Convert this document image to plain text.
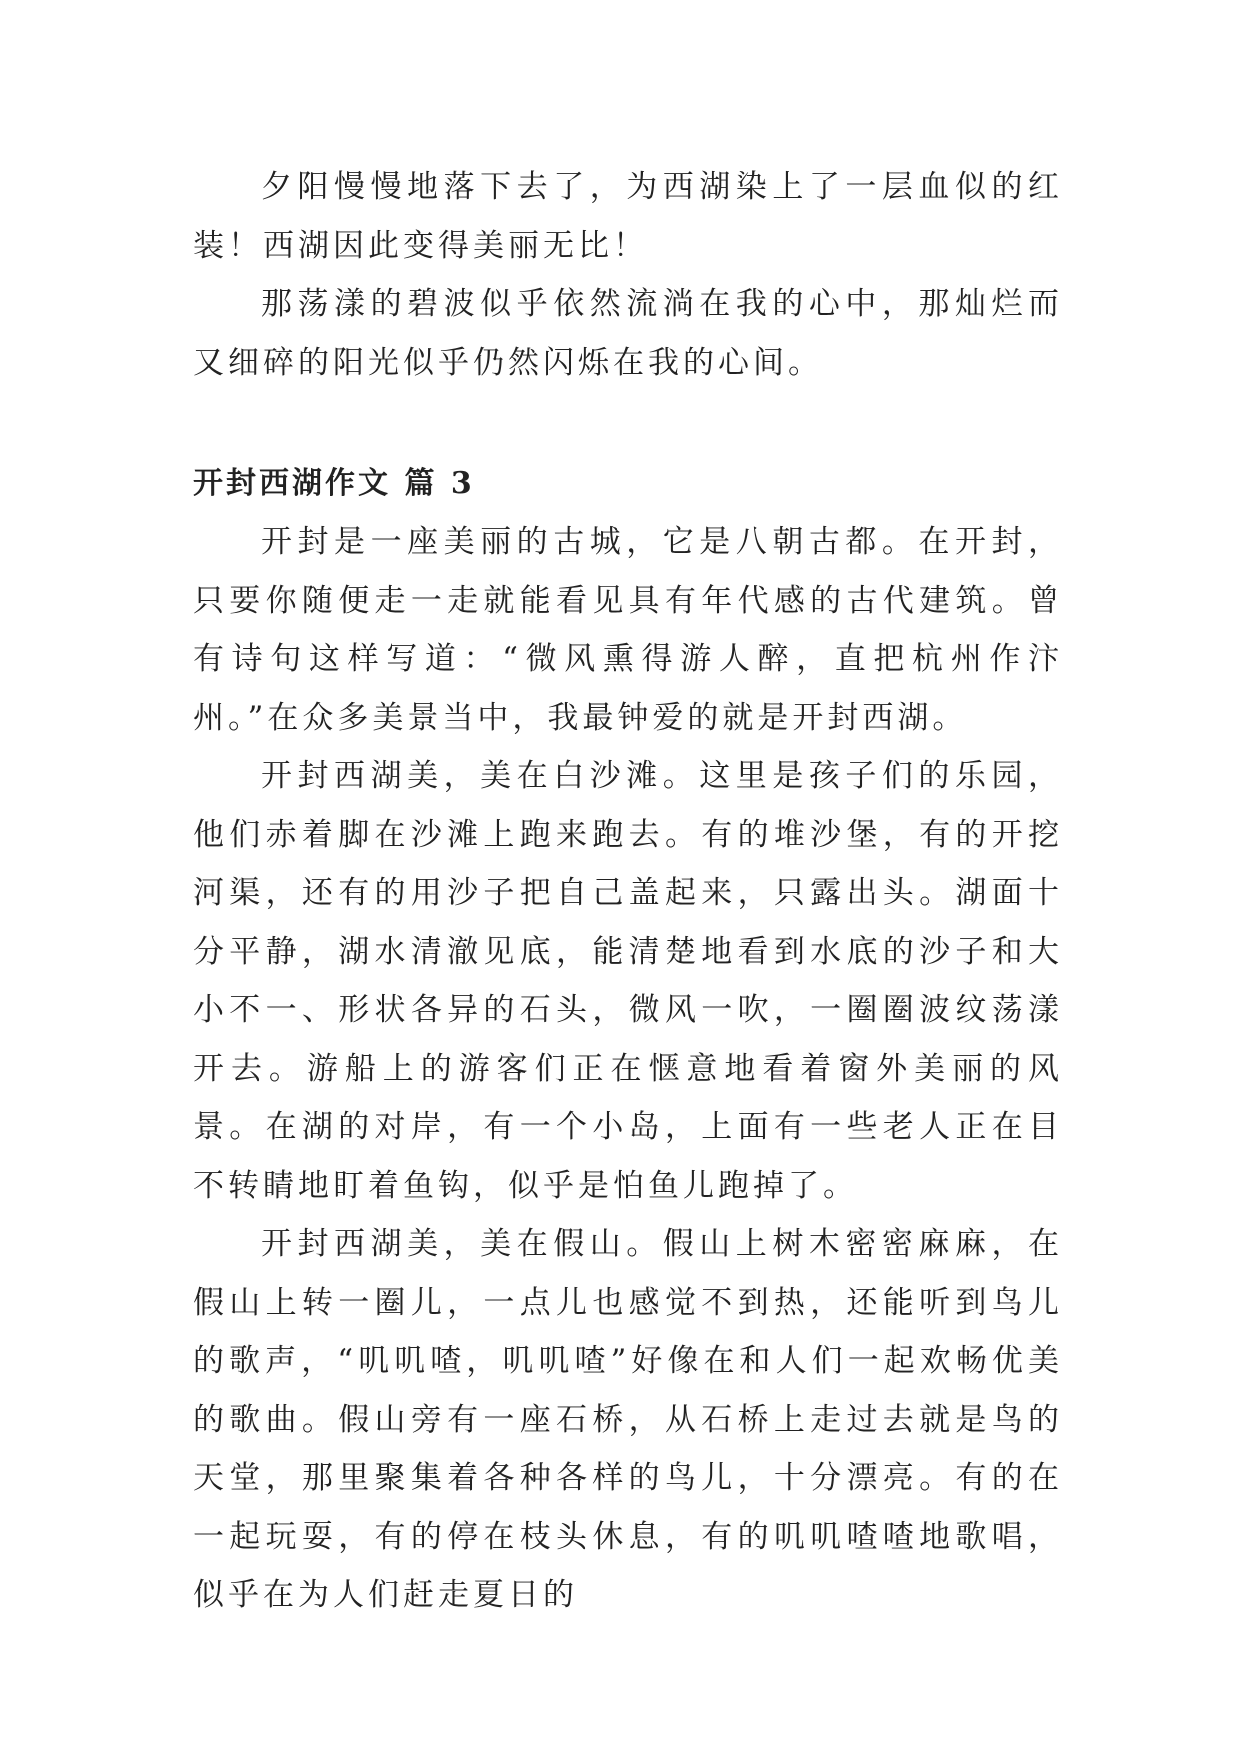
夕阳慢慢地落下去了，为西湖染上了一层血似的红装！西湖因此变得美丽无比！

那荡漾的碧波似乎依然流淌在我的心中，那灿烂而又细碎的阳光似乎仍然闪烁在我的心间。

开封西湖作文 篇 3

开封是一座美丽的古城，它是八朝古都。在开封，只要你随便走一走就能看见具有年代感的古代建筑。曾有诗句这样写道：“微风熏得游人醉，直把杭州作汴州。”在众多美景当中，我最钟爱的就是开封西湖。

开封西湖美，美在白沙滩。这里是孩子们的乐园，他们赤着脚在沙滩上跑来跑去。有的堆沙堡，有的开挖河渠，还有的用沙子把自己盖起来，只露出头。湖面十分平静，湖水清澈见底，能清楚地看到水底的沙子和大小不一、形状各异的石头，微风一吹，一圈圈波纹荡漾开去。游船上的游客们正在惬意地看着窗外美丽的风景。在湖的对岸，有一个小岛，上面有一些老人正在目不转睛地盯着鱼钩，似乎是怕鱼儿跑掉了。

开封西湖美，美在假山。假山上树木密密麻麻，在假山上转一圈儿，一点儿也感觉不到热，还能听到鸟儿的歌声，“叽叽喳，叽叽喳”好像在和人们一起欢畅优美的歌曲。假山旁有一座石桥，从石桥上走过去就是鸟的天堂，那里聚集着各种各样的鸟儿，十分漂亮。有的在一起玩耍，有的停在枝头休息，有的叽叽喳喳地歌唱，似乎在为人们赶走夏日的
